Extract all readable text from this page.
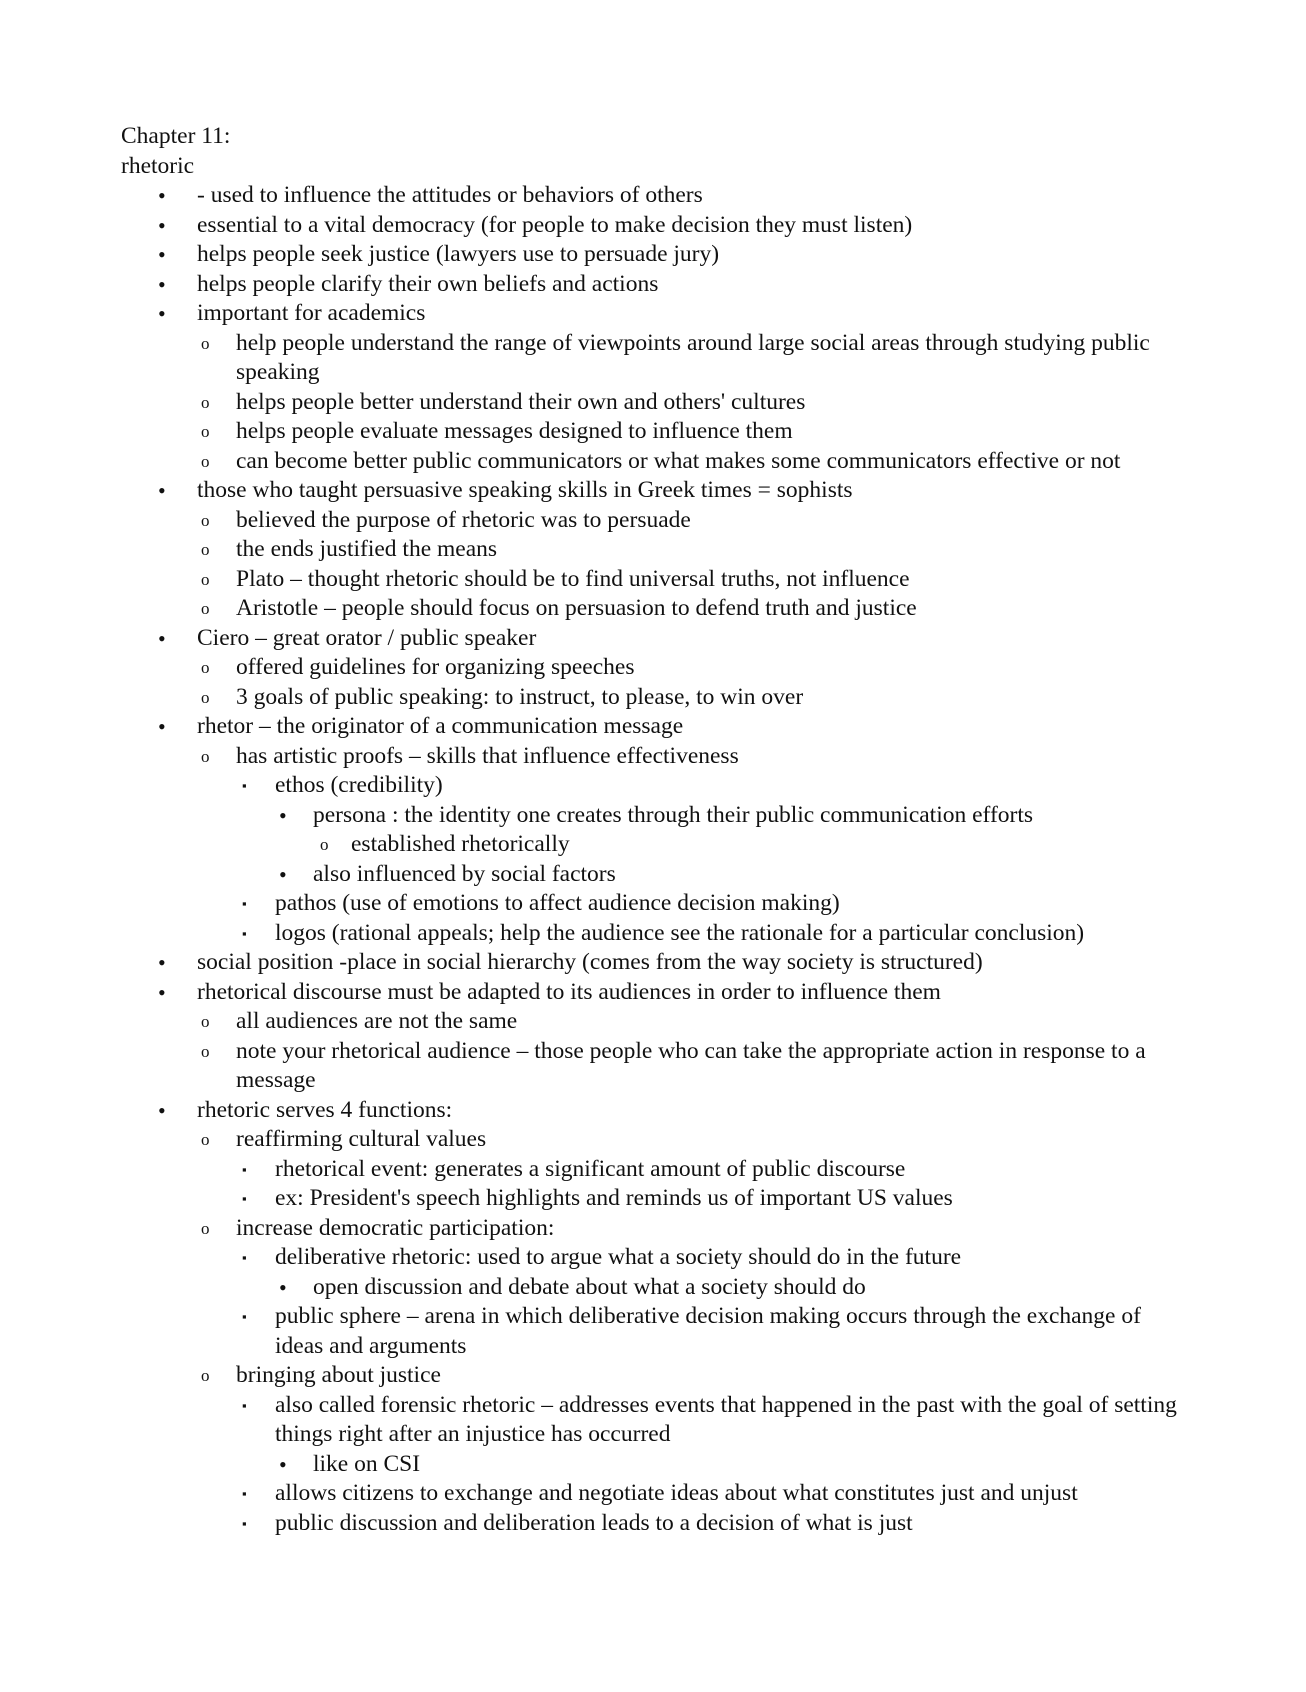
Chapter 11:
rhetoric
• - used to influence the attitudes or behaviors of others
• essential to a vital democracy (for people to make decision they must listen)
• helps people seek justice (lawyers use to persuade jury)
• helps people clarify their own beliefs and actions
• important for academics
o help people understand the range of viewpoints around large social areas through studying public speaking
o helps people better understand their own and others' cultures
o helps people evaluate messages designed to influence them
o can become better public communicators or what makes some communicators effective or not
• those who taught persuasive speaking skills in Greek times = sophists
o believed the purpose of rhetoric was to persuade
o the ends justified the means
o Plato – thought rhetoric should be to find universal truths, not influence
o Aristotle – people should focus on persuasion to defend truth and justice
• Ciero – great orator / public speaker
o offered guidelines for organizing speeches
o 3 goals of public speaking: to instruct, to please, to win over
• rhetor – the originator of a communication message
o has artistic proofs – skills that influence effectiveness
▪ ethos (credibility)
• persona : the identity one creates through their public communication efforts
o established rhetorically
• also influenced by social factors
▪ pathos (use of emotions to affect audience decision making)
▪ logos (rational appeals; help the audience see the rationale for a particular conclusion)
• social position -place in social hierarchy (comes from the way society is structured)
• rhetorical discourse must be adapted to its audiences in order to influence them
o all audiences are not the same
o note your rhetorical audience – those people who can take the appropriate action in response to a message
• rhetoric serves 4 functions:
o reaffirming cultural values
▪ rhetorical event: generates a significant amount of public discourse
▪ ex: President's speech highlights and reminds us of important US values
o increase democratic participation:
▪ deliberative rhetoric: used to argue what a society should do in the future
• open discussion and debate about what a society should do
▪ public sphere – arena in which deliberative decision making occurs through the exchange of ideas and arguments
o bringing about justice
▪ also called forensic rhetoric – addresses events that happened in the past with the goal of setting things right after an injustice has occurred
• like on CSI
▪ allows citizens to exchange and negotiate ideas about what constitutes just and unjust
▪ public discussion and deliberation leads to a decision of what is just
